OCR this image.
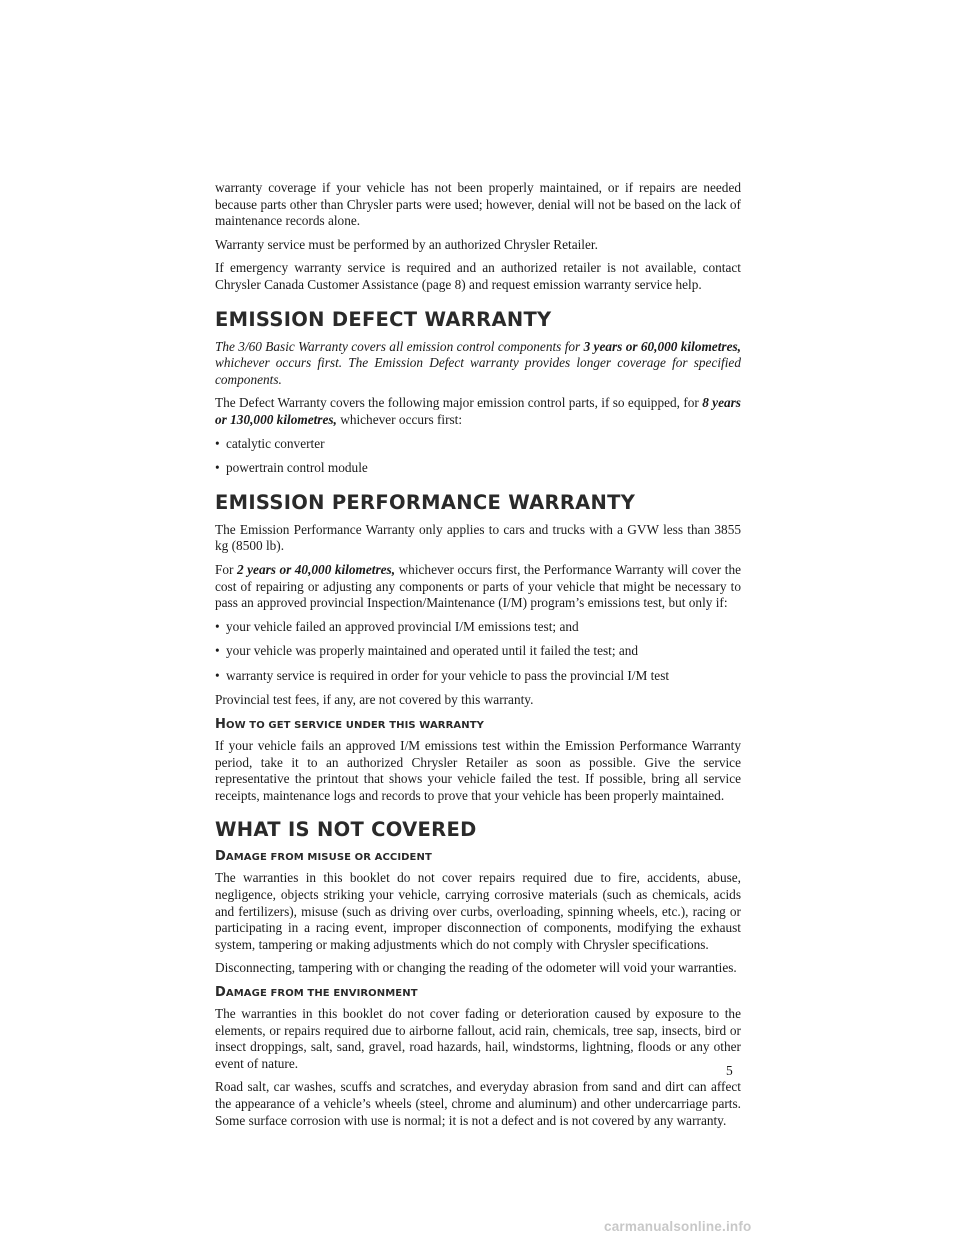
warranty coverage if your vehicle has not been properly maintained, or if repairs are needed because parts other than Chrysler parts were used; however, denial will not be based on the lack of maintenance records alone.

Warranty service must be performed by an authorized Chrysler Retailer.

If emergency warranty service is required and an authorized retailer is not available, contact Chrysler Canada Customer Assistance (page 8) and request emission warranty service help.

EMISSION DEFECT WARRANTY

The 3/60 Basic Warranty covers all emission control components for 3 years or 60,000 kilometres, whichever occurs first. The Emission Defect warranty provides longer coverage for specified components.

The Defect Warranty covers the following major emission control parts, if so equipped, for 8 years or 130,000 kilometres, whichever occurs first:

• catalytic converter
• powertrain control module
EMISSION PERFORMANCE WARRANTY

The Emission Performance Warranty only applies to cars and trucks with a GVW less than 3855 kg (8500 lb).

For 2 years or 40,000 kilometres, whichever occurs first, the Performance Warranty will cover the cost of repairing or adjusting any components or parts of your vehicle that might be necessary to pass an approved provincial Inspection/Maintenance (I/M) program’s emissions test, but only if:

• your vehicle failed an approved provincial I/M emissions test; and
• your vehicle was properly maintained and operated until it failed the test; and
• warranty service is required in order for your vehicle to pass the provincial I/M test

Provincial test fees, if any, are not covered by this warranty.

HOW TO GET SERVICE UNDER THIS WARRANTY

If your vehicle fails an approved I/M emissions test within the Emission Performance Warranty period, take it to an authorized Chrysler Retailer as soon as possible. Give the service representative the printout that shows your vehicle failed the test. If possible, bring all service receipts, maintenance logs and records to prove that your vehicle has been properly maintained.

WHAT IS NOT COVERED
DAMAGE FROM MISUSE OR ACCIDENT

The warranties in this booklet do not cover repairs required due to fire, accidents, abuse, negligence, objects striking your vehicle, carrying corrosive materials (such as chemicals, acids and fertilizers), misuse (such as driving over curbs, overloading, spinning wheels, etc.), racing or participating in a racing event, improper disconnection of components, modifying the exhaust system, tampering or making adjustments which do not comply with Chrysler specifications.

Disconnecting, tampering with or changing the reading of the odometer will void your warranties.

DAMAGE FROM THE ENVIRONMENT

The warranties in this booklet do not cover fading or deterioration caused by exposure to the elements, or repairs required due to airborne fallout, acid rain, chemicals, tree sap, insects, bird or insect droppings, salt, sand, gravel, road hazards, hail, windstorms, lightning, floods or any other event of nature.

Road salt, car washes, scuffs and scratches, and everyday abrasion from sand and dirt can affect the appearance of a vehicle’s wheels (steel, chrome and aluminum) and other undercarriage parts. Some surface corrosion with use is normal; it is not a defect and is not covered by any warranty.

5
carmanualsonline.info
